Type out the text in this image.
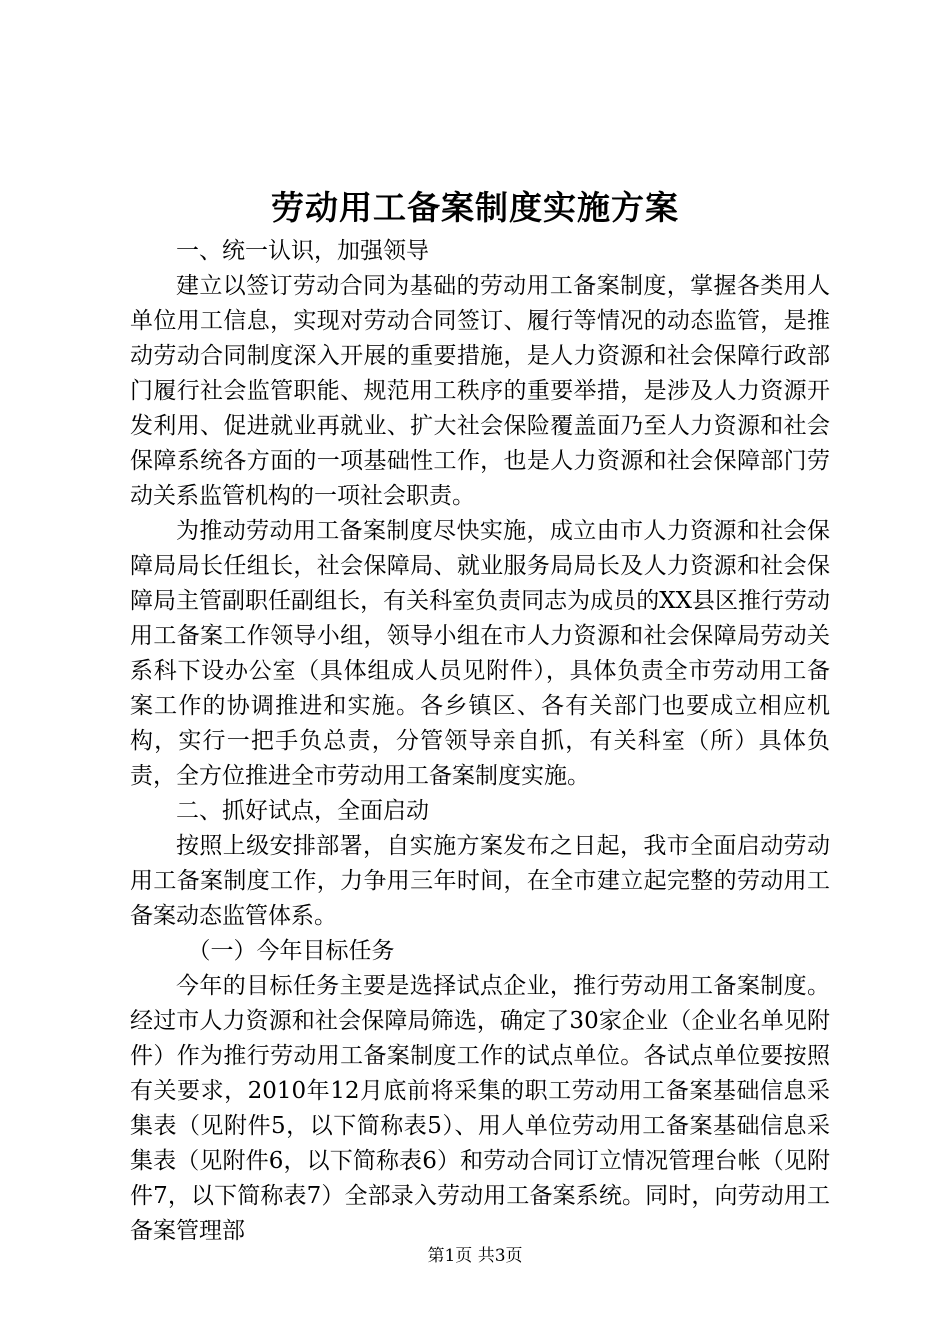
劳动用工备案制度实施方案

一、统一认识，加强领导

建立以签订劳动合同为基础的劳动用工备案制度，掌握各类用人单位用工信息，实现对劳动合同签订、履行等情况的动态监管，是推动劳动合同制度深入开展的重要措施，是人力资源和社会保障行政部门履行社会监管职能、规范用工秩序的重要举措，是涉及人力资源开发利用、促进就业再就业、扩大社会保险覆盖面乃至人力资源和社会保障系统各方面的一项基础性工作，也是人力资源和社会保障部门劳动关系监管机构的一项社会职责。

为推动劳动用工备案制度尽快实施，成立由市人力资源和社会保障局局长任组长，社会保障局、就业服务局局长及人力资源和社会保障局主管副职任副组长，有关科室负责同志为成员的XX县区推行劳动用工备案工作领导小组，领导小组在市人力资源和社会保障局劳动关系科下设办公室（具体组成人员见附件），具体负责全市劳动用工备案工作的协调推进和实施。各乡镇区、各有关部门也要成立相应机构，实行一把手负总责，分管领导亲自抓，有关科室（所）具体负责，全方位推进全市劳动用工备案制度实施。

二、抓好试点，全面启动

按照上级安排部署，自实施方案发布之日起，我市全面启动劳动用工备案制度工作，力争用三年时间，在全市建立起完整的劳动用工备案动态监管体系。

（一）今年目标任务

今年的目标任务主要是选择试点企业，推行劳动用工备案制度。经过市人力资源和社会保障局筛选，确定了30家企业（企业名单见附件）作为推行劳动用工备案制度工作的试点单位。各试点单位要按照有关要求，2010年12月底前将采集的职工劳动用工备案基础信息采集表（见附件5，以下简称表5）、用人单位劳动用工备案基础信息采集表（见附件6，以下简称表6）和劳动合同订立情况管理台帐（见附件7，以下简称表7）全部录入劳动用工备案系统。同时，向劳动用工备案管理部

第1页 共3页
